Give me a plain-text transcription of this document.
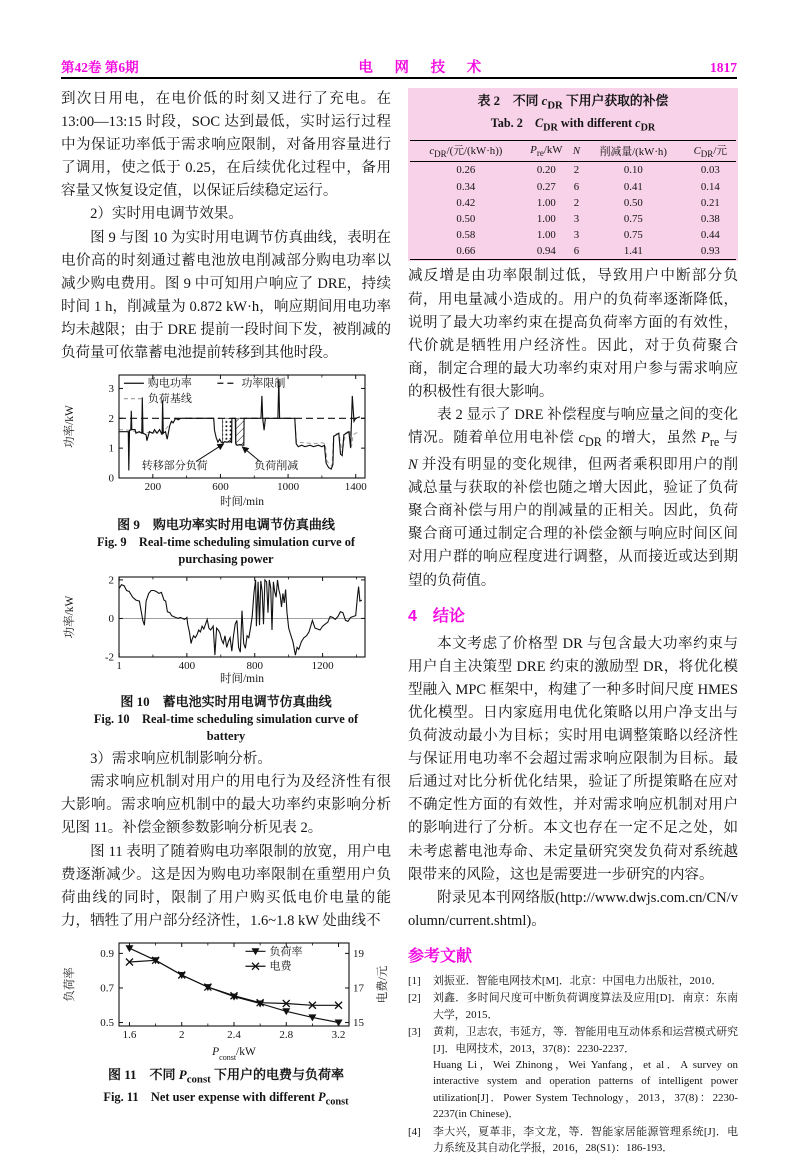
第42卷 第6期	电 网 技 术	1817

到次日用电，在电价低的时刻又进行了充电。在13:00—13:15 时段，SOC 达到最低，实时运行过程中为保证功率低于需求响应限制，对备用容量进行了调用，使之低于 0.25，在后续优化过程中，备用容量又恢复设定值，以保证后续稳定运行。

2）实时用电调节效果。

图 9 与图 10 为实时用电调节仿真曲线，表明在电价高的时刻通过蓄电池放电削减部分购电功率以减少购电费用。图 9 中可知用户响应了 DRE，持续时间 1 h，削减量为 0.872 kW·h，响应期间用电功率均未越限；由于 DRE 提前一段时间下发，被削减的负荷量可依靠蓄电池提前转移到其他时段。

200	600	1000	1400
0
1
2
3
时间/min
功率/kW
购电功率	功率限制
负荷基线
转移部分负荷	负荷削减
图 9　购电功率实时用电调节仿真曲线
Fig. 9　Real-time scheduling simulation curve of purchasing power
1	400	800	1200
-2
0
2
时间/min
功率/kW
图 10　蓄电池实时用电调节仿真曲线
Fig. 10　Real-time scheduling simulation curve of battery

3）需求响应机制影响分析。

需求响应机制对用户的用电行为及经济性有很大影响。需求响应机制中的最大功率约束影响分析见图 11。补偿金额参数影响分析见表 2。

图 11 表明了随着购电功率限制的放宽，用户电费逐渐减少。这是因为购电功率限制在重塑用户负荷曲线的同时，限制了用户购买低电价电量的能力，牺牲了用户部分经济性，1.6~1.8 kW 处曲线不

1.6	2	2.4	2.8	3.2
0.5
0.7
0.9
15
17
19
$P_{const}/kW$
负荷率	电费/元
负荷率
电费
图 11　不同 $P_{const}$ 下用户的电费与负荷率
Fig. 11　Net user expense with different $P_{const}$
表 2　不同 $c_{DR}$ 下用户获取的补偿
Tab. 2　$C_{DR}$ with different $c_{DR}$
$c_{DR}/$(元/(kW·h))	$P_{re}/kW$	N	削减量/(kW·h)	$C_{DR}/$元
0.26	0.20	2	0.10	0.03
0.34	0.27	6	0.41	0.14
0.42	1.00	2	0.50	0.21
0.50	1.00	3	0.75	0.38
0.58	1.00	3	0.75	0.44
0.66	0.94	6	1.41	0.93

减反增是由功率限制过低，导致用户中断部分负荷，用电量减小造成的。用户的负荷率逐渐降低，说明了最大功率约束在提高负荷率方面的有效性，代价就是牺牲用户经济性。因此，对于负荷聚合商，制定合理的最大功率约束对用户参与需求响应的积极性有很大影响。

表 2 显示了 DRE 补偿程度与响应量之间的变化情况。随着单位用电补偿 $c_{DR}$ 的增大，虽然 $P_{re}$ 与 N 并没有明显的变化规律，但两者乘积即用户的削减总量与获取的补偿也随之增大因此，验证了负荷聚合商补偿与用户的削减量的正相关。因此，负荷聚合商可通过制定合理的补偿金额与响应时间区间对用户群的响应程度进行调整，从而接近或达到期望的负荷值。

4　结论

本文考虑了价格型 DR 与包含最大功率约束与用户自主决策型 DRE 约束的激励型 DR，将优化模型融入 MPC 框架中，构建了一种多时间尺度 HMES 优化模型。日内家庭用电优化策略以用户净支出与负荷波动最小为目标；实时用电调整策略以经济性与保证用电功率不会超过需求响应限制为目标。最后通过对比分析优化结果，验证了所提策略在应对不确定性方面的有效性，并对需求响应机制对用户的影响进行了分析。本文也存在一定不足之处，如未考虑蓄电池寿命、未定量研究突发负荷对系统越限带来的风险，这也是需要进一步研究的内容。

附录见本刊网络版(http://www.dwjs.com.cn/CN/volumn/current.shtml)。

参考文献
[1]	刘振亚．智能电网技术[M]．北京：中国电力出版社，2010．
[2]	刘鑫．多时间尺度可中断负荷调度算法及应用[D]．南京：东南大学，2015．
[3]	黄莉，卫志农，韦延方，等．智能用电互动体系和运营模式研究[J]．电网技术，2013，37(8)：2230-2237．
Huang Li，Wei Zhinong，Wei Yanfang，et al．A survey on interactive system and operation patterns of intelligent power utilization[J]．Power System Technology，2013，37(8)：2230-2237(in Chinese)．
[4]	李大兴，夏革非，李文龙，等．智能家居能源管理系统[J]．电力系统及其自动化学报，2016，28(S1)：186-193．
